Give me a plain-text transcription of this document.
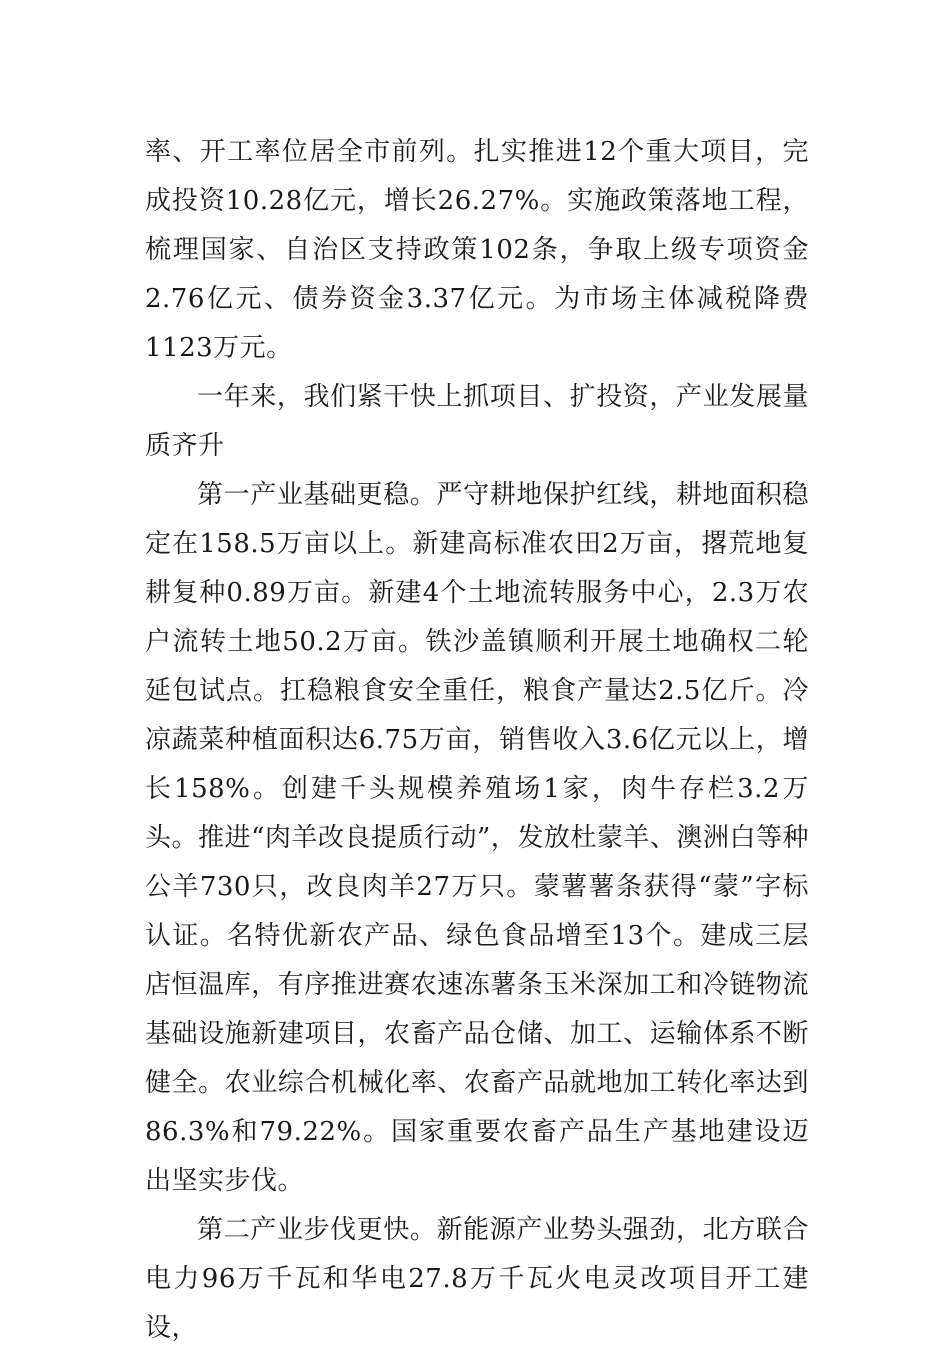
率、开工率位居全市前列。扎实推进12个重大项目，完成投资10.28亿元，增长26.27%。实施政策落地工程，梳理国家、自治区支持政策102条，争取上级专项资金2.76亿元、债券资金3.37亿元。为市场主体减税降费1123万元。

一年来，我们紧干快上抓项目、扩投资，产业发展量质齐升

第一产业基础更稳。严守耕地保护红线，耕地面积稳定在158.5万亩以上。新建高标准农田2万亩，撂荒地复耕复种0.89万亩。新建4个土地流转服务中心，2.3万农户流转土地50.2万亩。铁沙盖镇顺利开展土地确权二轮延包试点。扛稳粮食安全重任，粮食产量达2.5亿斤。冷凉蔬菜种植面积达6.75万亩，销售收入3.6亿元以上，增长158%。创建千头规模养殖场1家，肉牛存栏3.2万头。推进“肉羊改良提质行动”，发放杜蒙羊、澳洲白等种公羊730只，改良肉羊27万只。蒙薯薯条获得“蒙”字标认证。名特优新农产品、绿色食品增至13个。建成三层店恒温库，有序推进赛农速冻薯条玉米深加工和冷链物流基础设施新建项目，农畜产品仓储、加工、运输体系不断健全。农业综合机械化率、农畜产品就地加工转化率达到86.3%和79.22%。国家重要农畜产品生产基地建设迈出坚实步伐。

第二产业步伐更快。新能源产业势头强劲，北方联合电力96万千瓦和华电27.8万千瓦火电灵改项目开工建设，
